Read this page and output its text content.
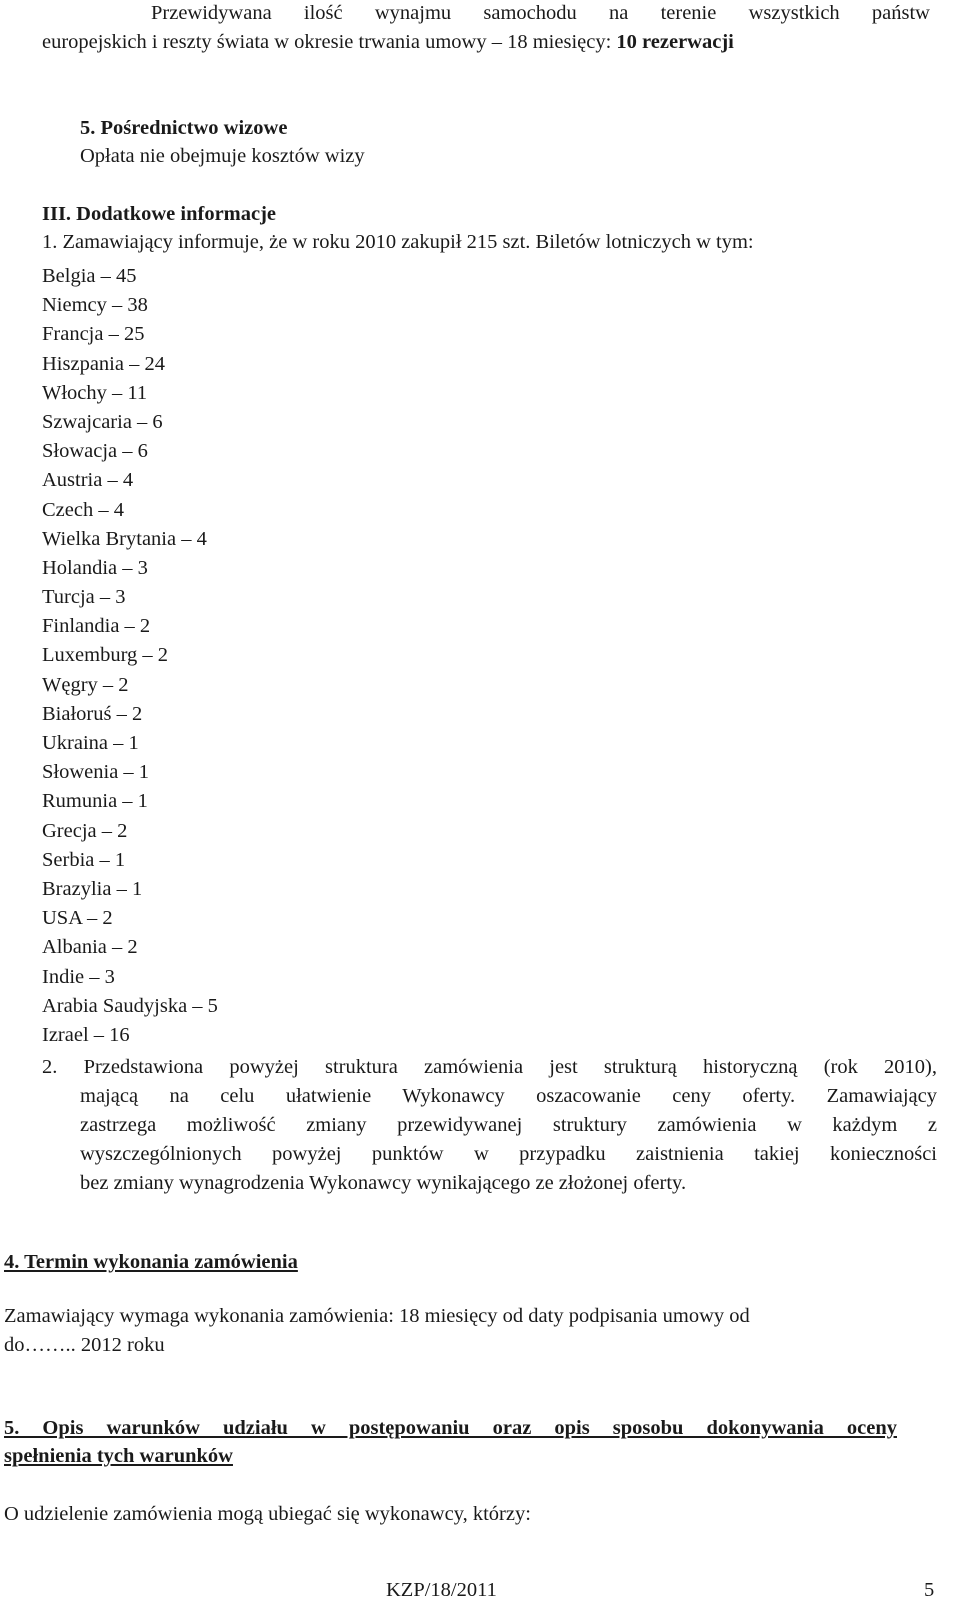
Przewidywana ilość wynajmu samochodu na terenie wszystkich państw
europejskich i reszty świata w okresie trwania umowy – 18 miesięcy: 10 rezerwacji
5. Pośrednictwo wizowe
Opłata nie obejmuje kosztów wizy
III. Dodatkowe informacje
1. Zamawiający informuje, że w roku 2010 zakupił 215 szt. Biletów lotniczych w tym:
Belgia – 45
Niemcy – 38
Francja – 25
Hiszpania – 24
Włochy – 11
Szwajcaria – 6
Słowacja – 6
Austria – 4
Czech – 4
Wielka Brytania – 4
Holandia – 3
Turcja – 3
Finlandia – 2
Luxemburg – 2
Węgry – 2
Białoruś – 2
Ukraina – 1
Słowenia – 1
Rumunia – 1
Grecja – 2
Serbia – 1
Brazylia – 1
USA – 2
Albania – 2
Indie – 3
Arabia Saudyjska – 5
Izrael – 16
2. Przedstawiona powyżej struktura zamówienia jest strukturą historyczną (rok 2010),
mającą na celu ułatwienie Wykonawcy oszacowanie ceny oferty. Zamawiający
zastrzega możliwość zmiany przewidywanej struktury zamówienia w każdym z
wyszczególnionych powyżej punktów w przypadku zaistnienia takiej konieczności
bez zmiany wynagrodzenia Wykonawcy wynikającego ze złożonej oferty.
4. Termin wykonania zamówienia
Zamawiający wymaga wykonania zamówienia: 18 miesięcy od daty podpisania umowy od
do…….. 2012 roku
5. Opis warunków udziału w postępowaniu oraz opis sposobu dokonywania oceny
spełnienia tych warunków
O udzielenie zamówienia mogą ubiegać się wykonawcy, którzy:
KZP/18/2011	5
